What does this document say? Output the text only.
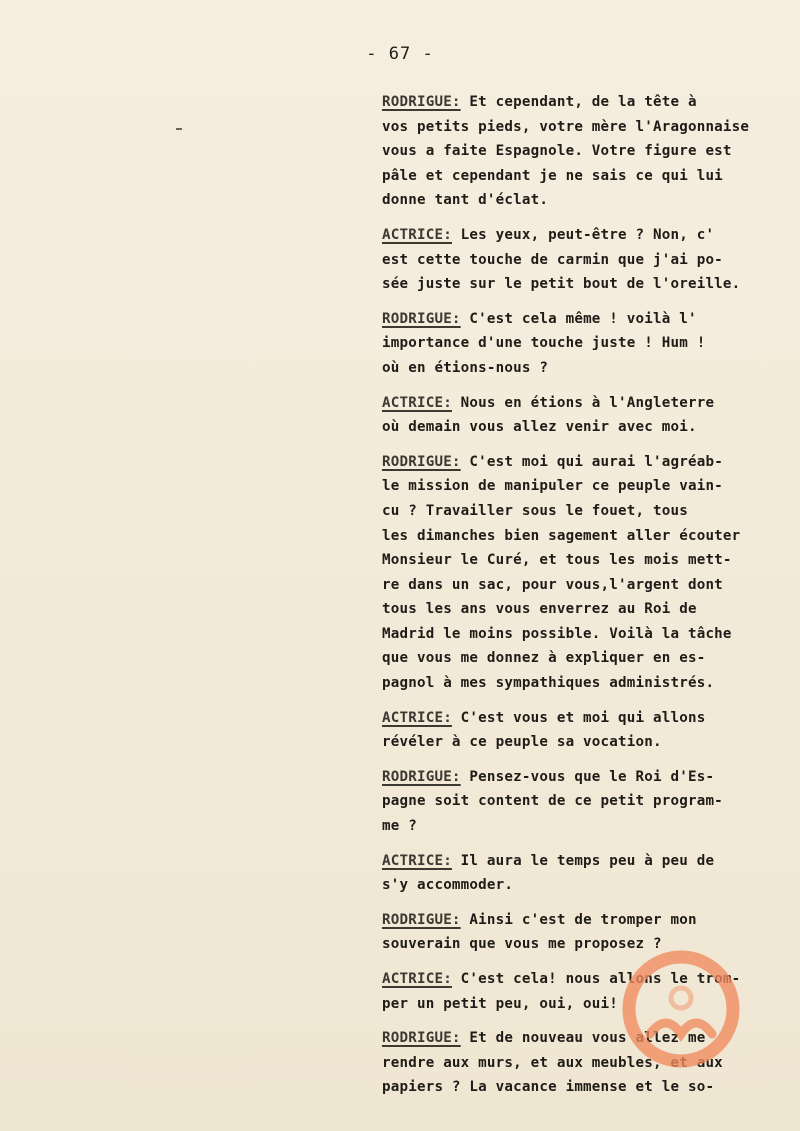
- 67 -
RODRIGUE: Et cependant, de la tête à
vos petits pieds, votre mère l'Aragonnaise
vous a faite Espagnole. Votre figure est
pâle et cependant je ne sais ce qui lui
donne tant d'éclat.
ACTRICE: Les yeux, peut-être ? Non, c'
est cette touche de carmin que j'ai po-
sée juste sur le petit bout de l'oreille.
RODRIGUE: C'est cela même ! voilà l'
importance d'une touche juste ! Hum !
où en étions-nous ?
ACTRICE: Nous en étions à l'Angleterre
où demain vous allez venir avec moi.
RODRIGUE: C'est moi qui aurai l'agréab-
le mission de manipuler ce peuple vain-
cu ? Travailler sous le fouet, tous
les dimanches bien sagement aller écouter
Monsieur le Curé, et tous les mois mett-
re dans un sac, pour vous,l'argent dont
tous les ans vous enverrez au Roi de
Madrid le moins possible. Voilà la tâche
que vous me donnez à expliquer en es-
pagnol à mes sympathiques administrés.
ACTRICE: C'est vous et moi qui allons
révéler à ce peuple sa vocation.
RODRIGUE: Pensez-vous que le Roi d'Es-
pagne soit content de ce petit program-
me ?
ACTRICE: Il aura le temps peu à peu de
s'y accommoder.
RODRIGUE: Ainsi c'est de tromper mon
souverain que vous me proposez ?
ACTRICE: C'est cela! nous allons le trom-
per un petit peu, oui, oui!
RODRIGUE: Et de nouveau vous allez me
rendre aux murs, et aux meubles, et aux
papiers ? La vacance immense et le so-
